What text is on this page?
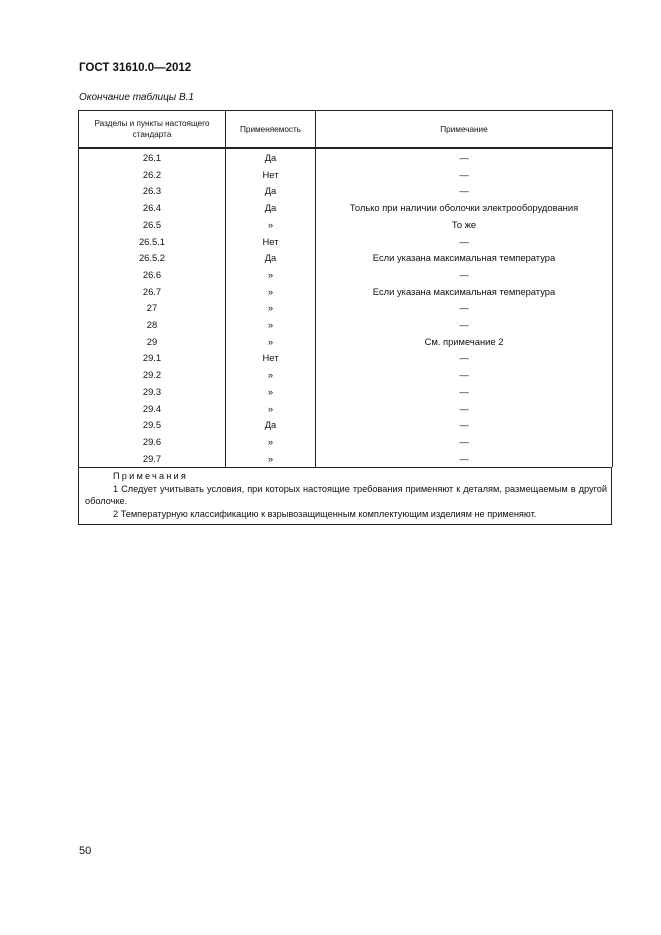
ГОСТ 31610.0—2012
Окончание таблицы В.1
Разделы и пункты настоящего стандарта	Применяемость	Примечание
26.1	Да	—
26.2	Нет	—
26.3	Да	—
26.4	Да	Только при наличии оболочки электрооборудования
26.5	»	То же
26.5.1	Нет	—
26.5.2	Да	Если указана максимальная температура
26.6	»	—
26.7	»	Если указана максимальная температура
27	»	—
28	»	—
29	»	См. примечание 2
29.1	Нет	—
29.2	»	—
29.3	»	—
29.4	»	—
29.5	Да	—
29.6	»	—
29.7	»	—

Примечания

1 Следует учитывать условия, при которых настоящие требования применяют к деталям, размещаемым в другой оболочке.

2 Температурную классификацию к взрывозащищенным комплектующим изделиям не применяют.

50
